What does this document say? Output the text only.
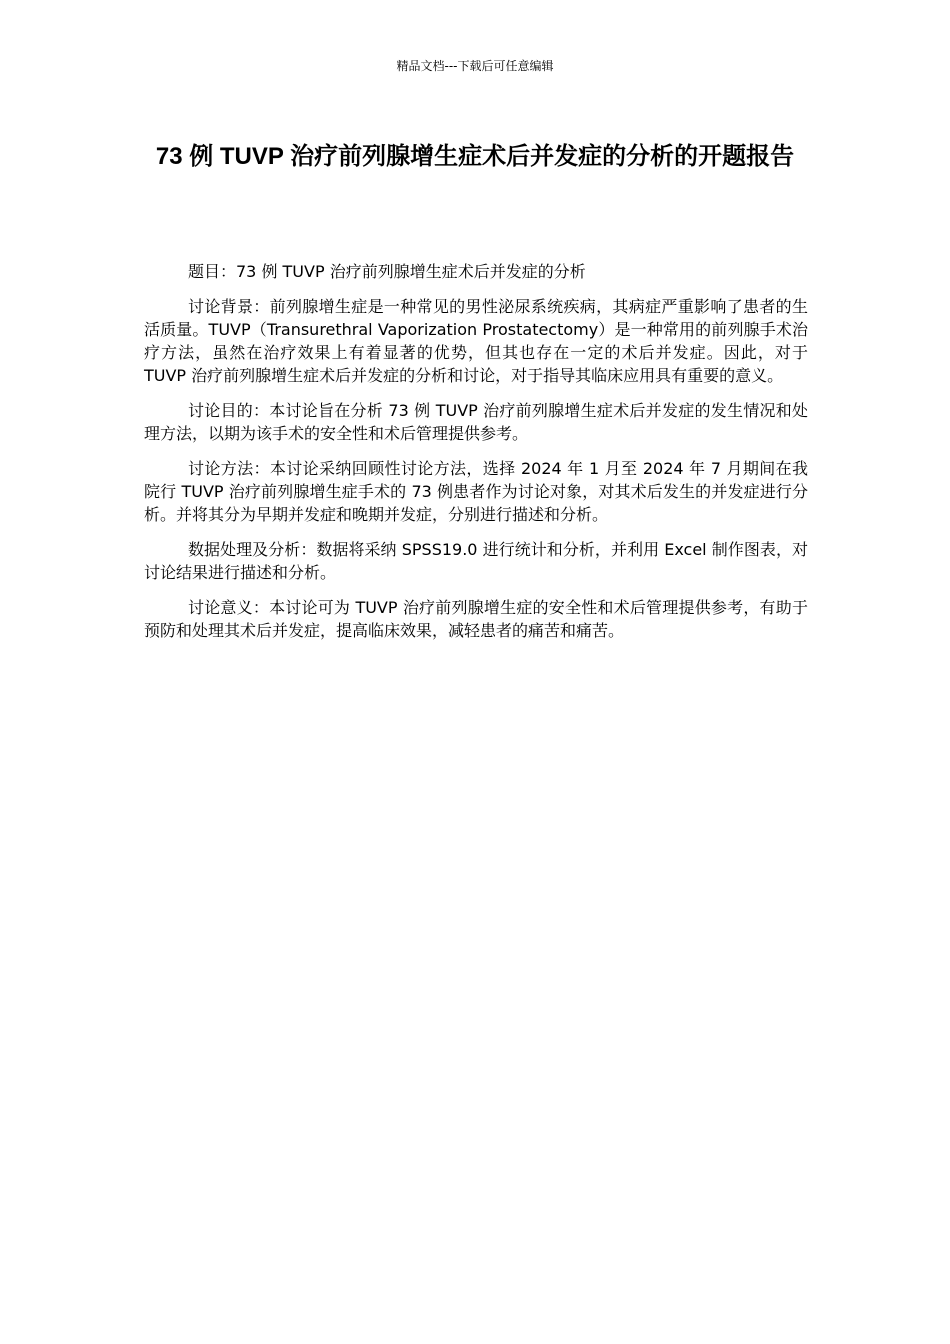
精品文档---下载后可任意编辑
73 例 TUVP 治疗前列腺增生症术后并发症的分析的开题报告

题目：73 例 TUVP 治疗前列腺增生症术后并发症的分析

讨论背景：前列腺增生症是一种常见的男性泌尿系统疾病，其病症严重影响了患者的生活质量。TUVP（Transurethral Vaporization Prostatectomy）是一种常用的前列腺手术治疗方法，虽然在治疗效果上有着显著的优势，但其也存在一定的术后并发症。因此，对于 TUVP 治疗前列腺增生症术后并发症的分析和讨论，对于指导其临床应用具有重要的意义。

讨论目的：本讨论旨在分析 73 例 TUVP 治疗前列腺增生症术后并发症的发生情况和处理方法，以期为该手术的安全性和术后管理提供参考。

讨论方法：本讨论采纳回顾性讨论方法，选择 2024 年 1 月至 2024 年 7 月期间在我院行 TUVP 治疗前列腺增生症手术的 73 例患者作为讨论对象，对其术后发生的并发症进行分析。并将其分为早期并发症和晚期并发症，分别进行描述和分析。

数据处理及分析：数据将采纳 SPSS19.0 进行统计和分析，并利用 Excel 制作图表，对讨论结果进行描述和分析。

讨论意义：本讨论可为 TUVP 治疗前列腺增生症的安全性和术后管理提供参考，有助于预防和处理其术后并发症，提高临床效果，减轻患者的痛苦和痛苦。
